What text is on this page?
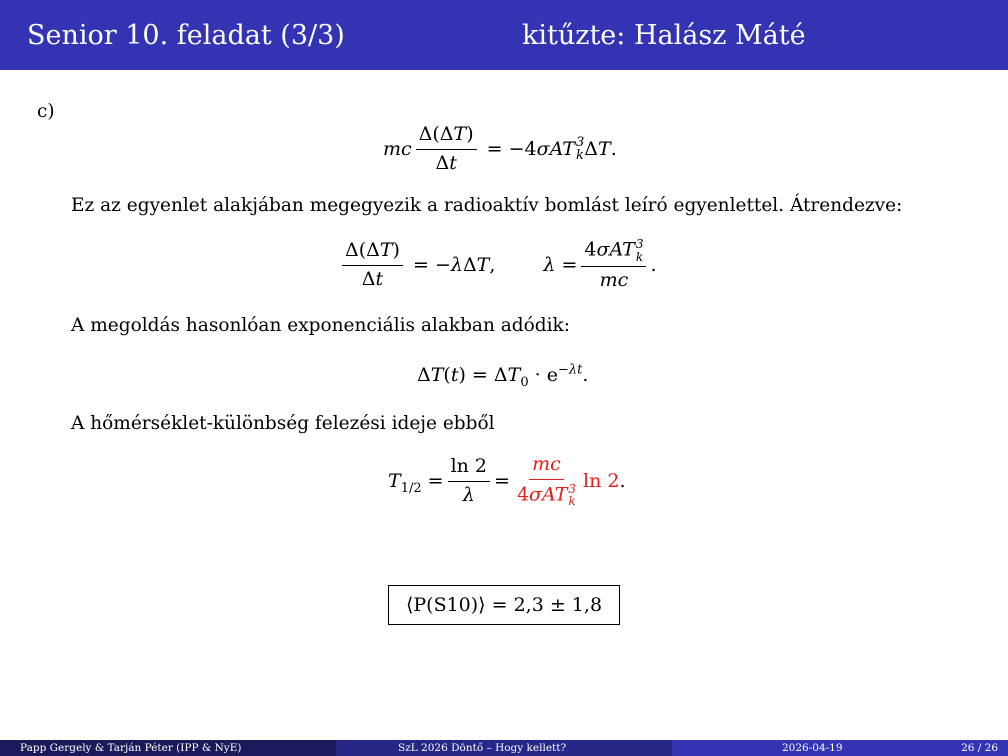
Senior 10. feladat (3/3)	kitűzte: Halász Máté
c)
mc $\frac{\Delta(\Delta T)}{\Delta t} = -4\sigma AT$ 3
k ΔT.
Ez az egyenlet alakjában megegyezik a radioaktív bomlást leíró egyenlettel. Átrendezve:
$\frac{\Delta(\Delta T)}{\Delta t} = -\lambda\Delta T$,	λ = 4σAT 3
k
mc .
A megoldás hasonlóan exponenciális alakban adódik:
$\Delta T(t) = \Delta T_0 \cdot e^{-\lambda t}$.
A hőmérséklet-különbség felezési ideje ebből
$T_{1/2} = \frac{\ln 2}{\lambda}$ = mc
4σAT 3
k ln 2 .
⟨P(S10)⟩ = 2,3 ± 1,8
Papp Gergely & Tarján Péter (IPP & NyE)	SzL 2026 Döntő – Hogy kellett?	2026-04-19	26 / 26
